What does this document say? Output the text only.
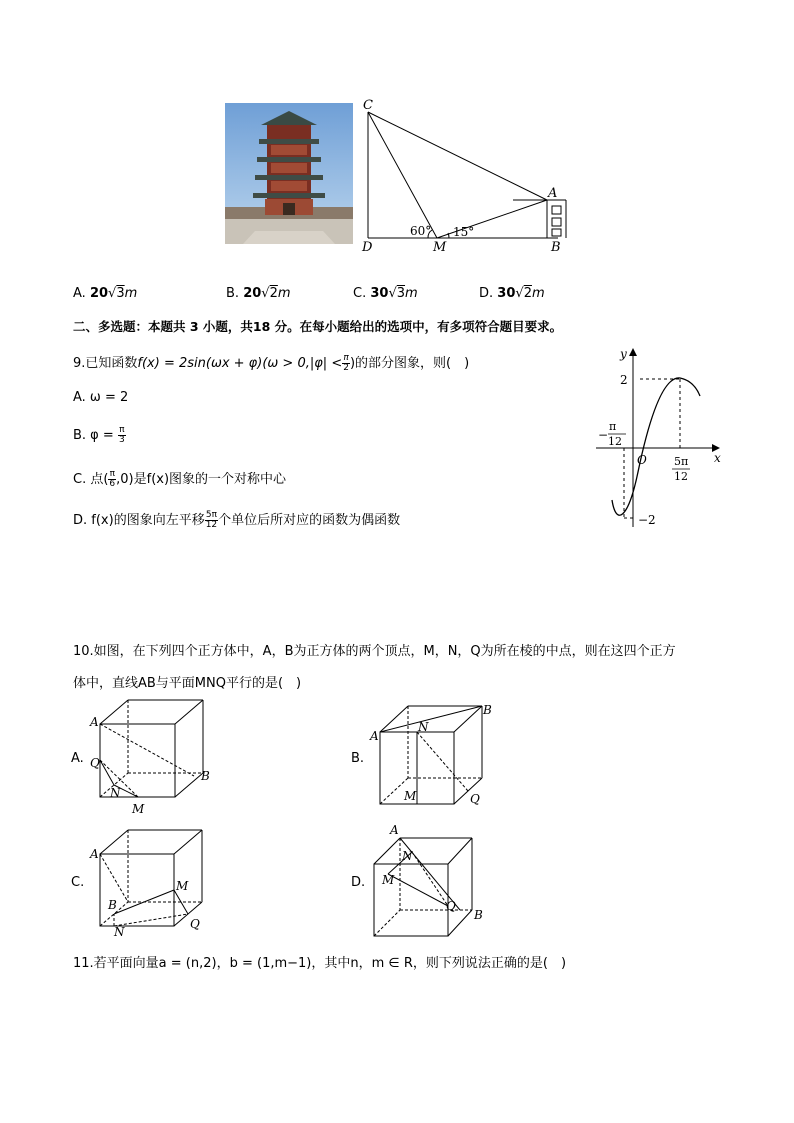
C
A
D	M	B
60° 15°
A. 20√3m	B. 20√2m	C. 30√3m	D. 30√2m
二、多选题：本题共 3 小题，共18 分。在每小题给出的选项中，有多项符合题目要求。
9.已知函数$f(x) = 2\sin(\omega x + \varphi)(\omega > 0,|\varphi| < \frac{\pi}{2}$ )的部分图象，则(　)
A. ω = 2
B. $\varphi = \frac{\pi}{3}$
C. 点( $\frac{\pi}{6} ,0$)是f(x)图象的一个对称中心
D. f(x)的图象向左平移 $\frac{5\pi}{12}$ 个单位后所对应的函数为偶函数
y
x
O
2
−2
−
π
12
5π
12
10.如图，在下列四个正方体中，A，B为正方体的两个顶点，M，N，Q为所在棱的中点，则在这四个正方
体中，直线AB与平面MNQ平行的是(　)
A.
A
Q
N
M
B
B.
A
N
B
M	Q
C.
A
B
M
N
Q
D.
A
N
M
Q
B
11.若平面向量a = (n,2)，b = (1,m−1)，其中n，m ∈ R，则下列说法正确的是(　)
